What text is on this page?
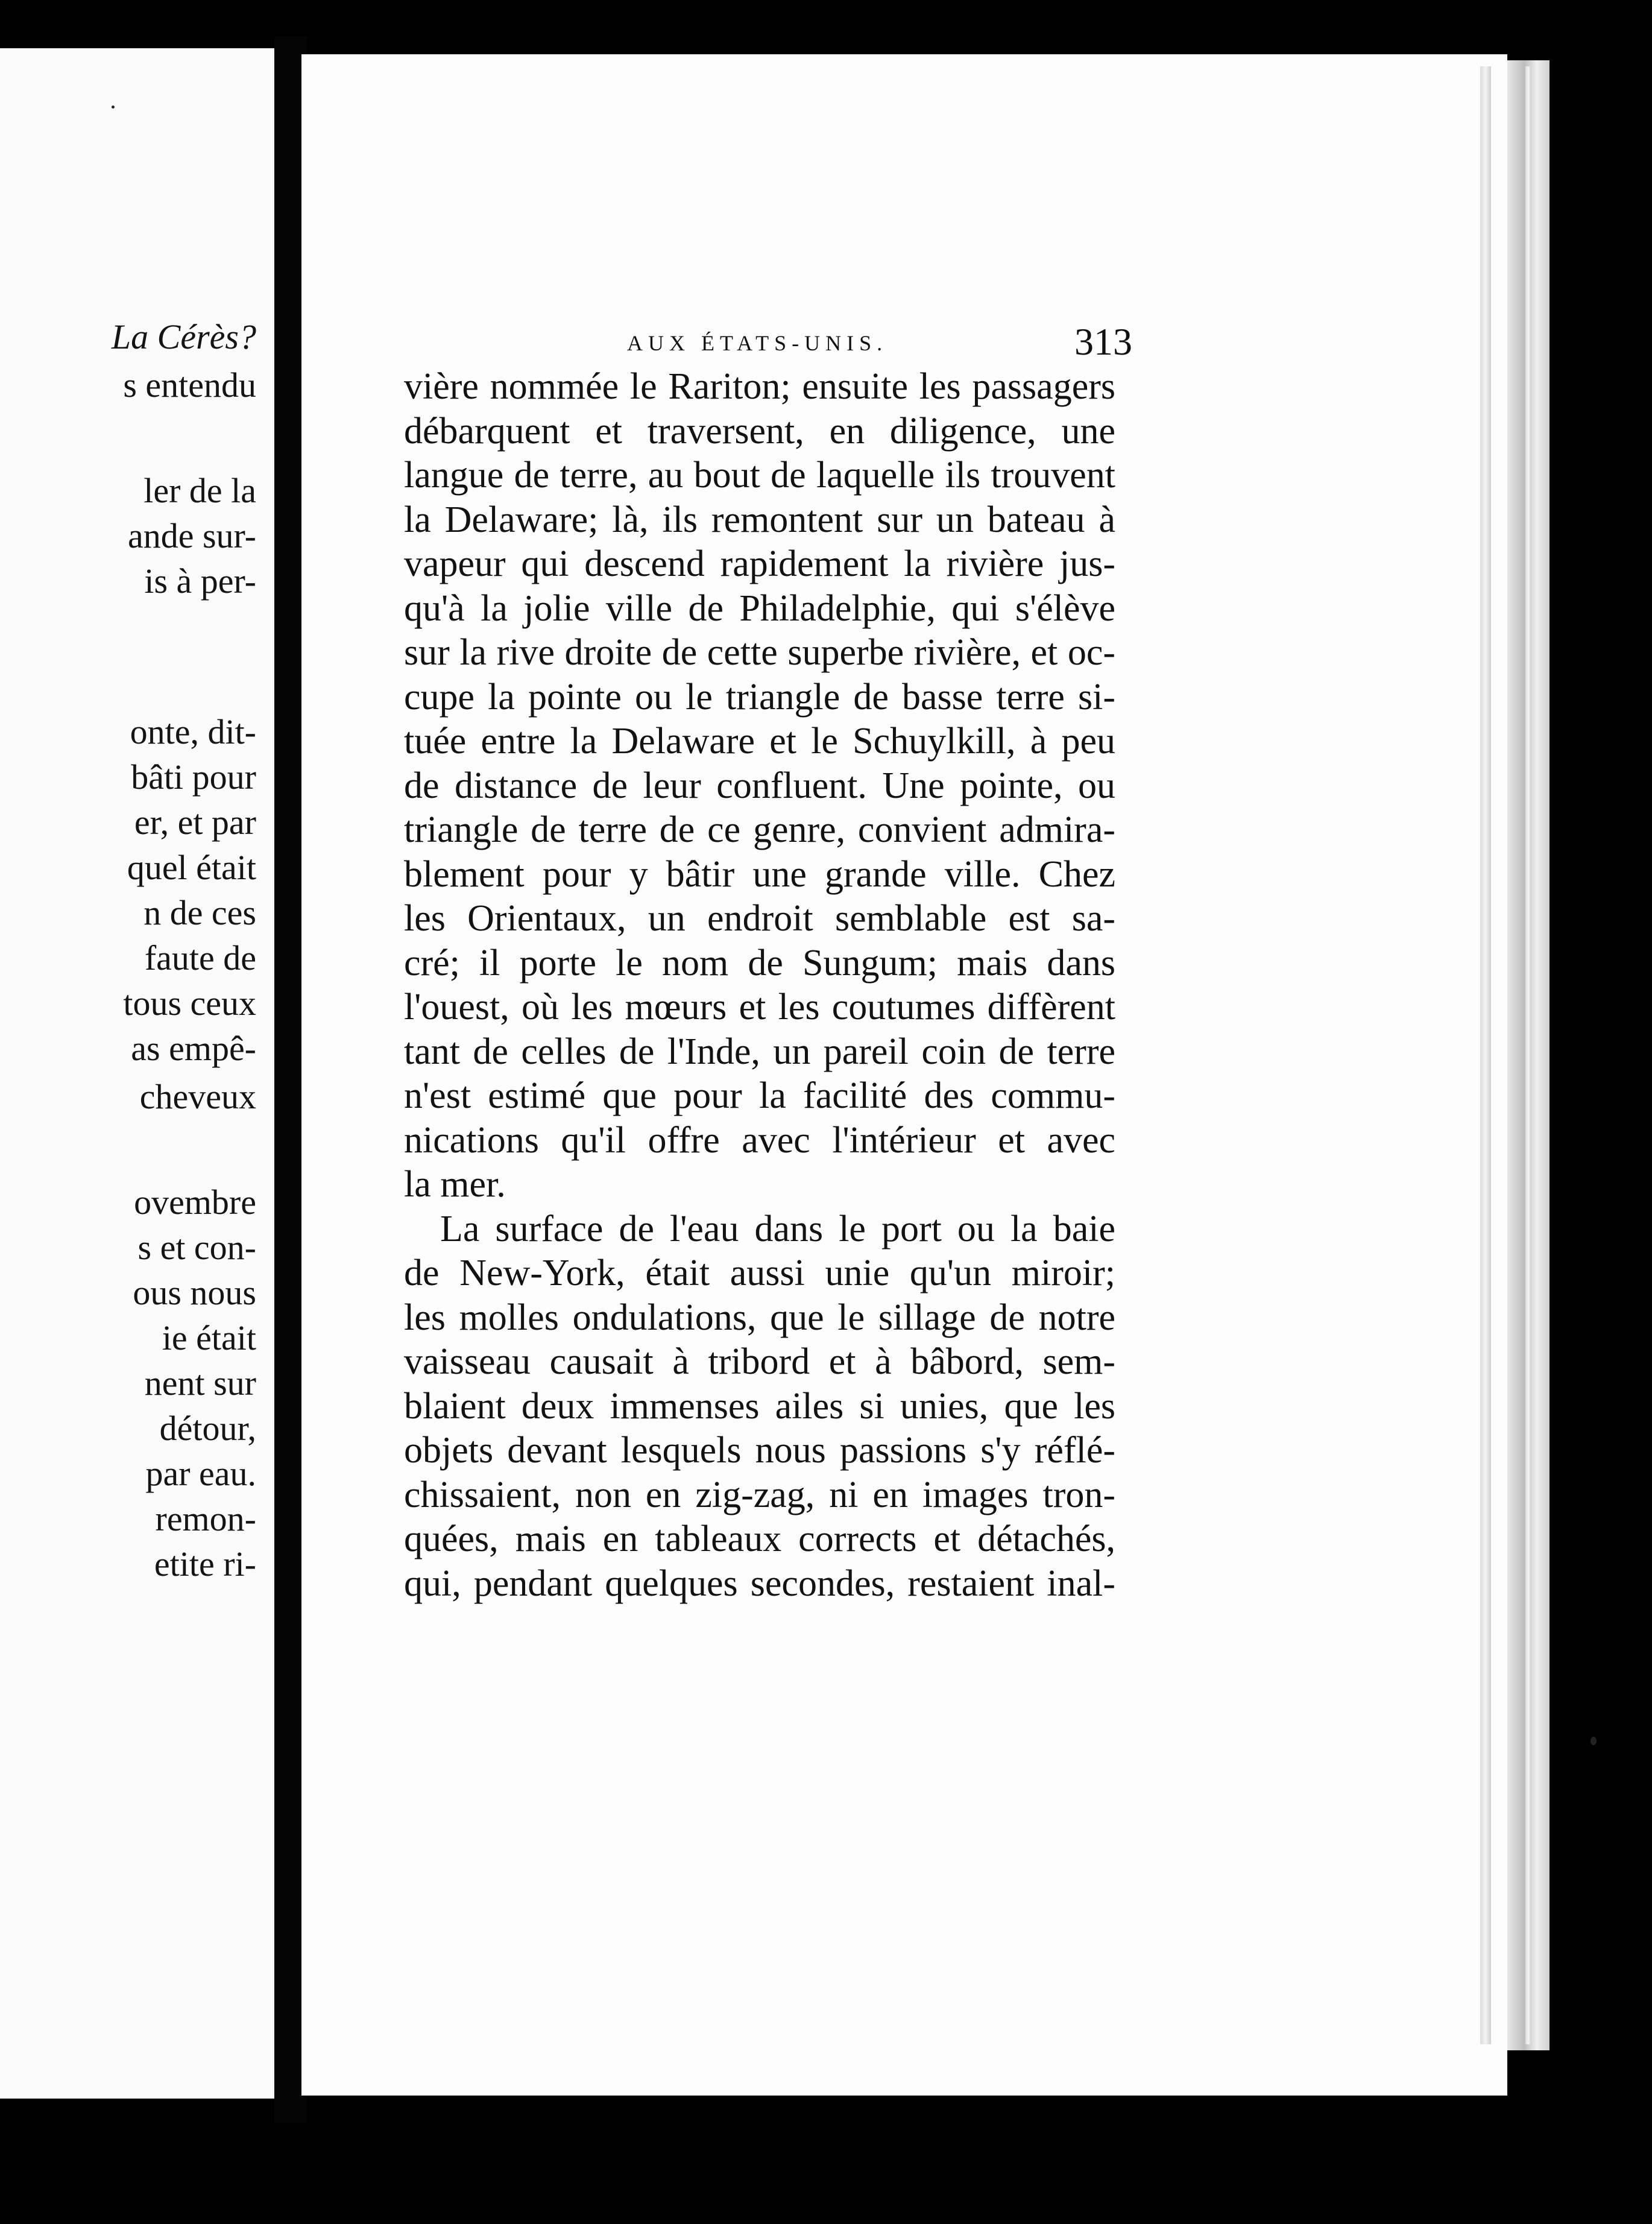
La Cérès?
s entendu
ler de la
ande sur-
is à per-
onte, dit-
bâti pour
er, et par
quel était
n de ces
faute de
tous ceux
as empê-
cheveux
ovembre
s et con-
ous nous
ie était
nent sur
détour,
par eau.
remon-
etite ri-
AUX ÉTATS-UNIS.	313
vière nommée le Rariton; ensuite les passagers
débarquent et traversent, en diligence, une
langue de terre, au bout de laquelle ils trouvent
la Delaware; là, ils remontent sur un bateau à
vapeur qui descend rapidement la rivière jus-
qu'à la jolie ville de Philadelphie, qui s'élève
sur la rive droite de cette superbe rivière, et oc-
cupe la pointe ou le triangle de basse terre si-
tuée entre la Delaware et le Schuylkill, à peu
de distance de leur confluent. Une pointe, ou
triangle de terre de ce genre, convient admira-
blement pour y bâtir une grande ville. Chez
les Orientaux, un endroit semblable est sa-
cré; il porte le nom de Sungum; mais dans
l'ouest, où les mœurs et les coutumes diffèrent
tant de celles de l'Inde, un pareil coin de terre
n'est estimé que pour la facilité des commu-
nications qu'il offre avec l'intérieur et avec
la mer.
La surface de l'eau dans le port ou la baie
de New-York, était aussi unie qu'un miroir;
les molles ondulations, que le sillage de notre
vaisseau causait à tribord et à bâbord, sem-
blaient deux immenses ailes si unies, que les
objets devant lesquels nous passions s'y réflé-
chissaient, non en zig-zag, ni en images tron-
quées, mais en tableaux corrects et détachés,
qui, pendant quelques secondes, restaient inal-
